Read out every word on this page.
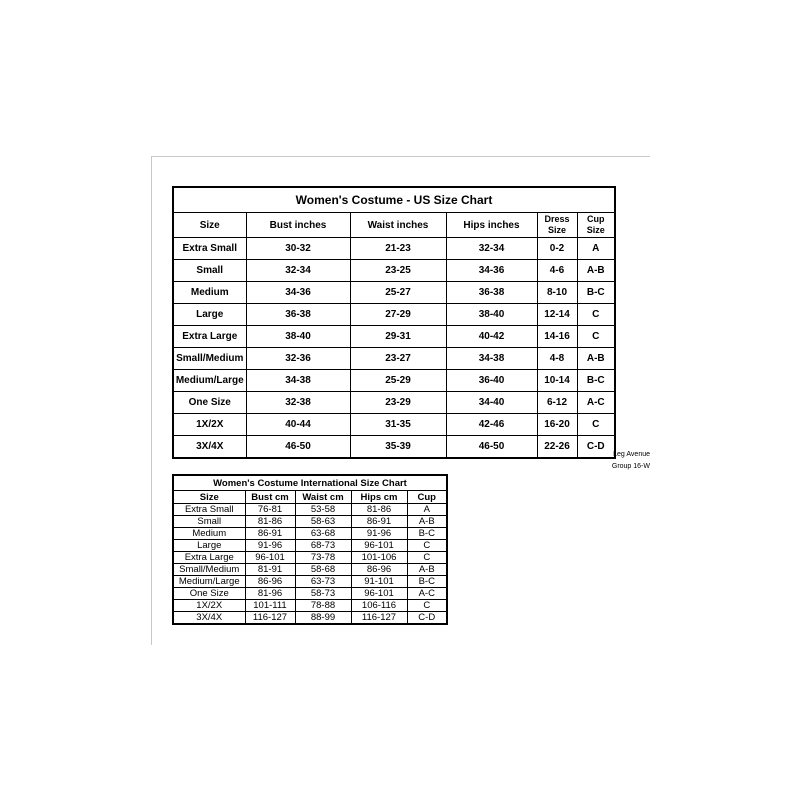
Women's Costume - US Size Chart					
Size	Bust inches	Waist inches	Hips inches	Dress Size	Cup Size
Extra Small	30-32	21-23	32-34	0-2	A
Small	32-34	23-25	34-36	4-6	A-B
Medium	34-36	25-27	36-38	8-10	B-C
Large	36-38	27-29	38-40	12-14	C
Extra Large	38-40	29-31	40-42	14-16	C
Small/Medium	32-36	23-27	34-38	4-8	A-B
Medium/Large	34-38	25-29	36-40	10-14	B-C
One Size	32-38	23-29	34-40	6-12	A-C
1X/2X	40-44	31-35	42-46	16-20	C
3X/4X	46-50	35-39	46-50	22-26	C-D
Leg Avenue
Group 16-W
Women's Costume International Size Chart				
Size	Bust cm	Waist cm	Hips cm	Cup
Extra Small	76-81	53-58	81-86	A
Small	81-86	58-63	86-91	A-B
Medium	86-91	63-68	91-96	B-C
Large	91-96	68-73	96-101	C
Extra Large	96-101	73-78	101-106	C
Small/Medium	81-91	58-68	86-96	A-B
Medium/Large	86-96	63-73	91-101	B-C
One Size	81-96	58-73	96-101	A-C
1X/2X	101-111	78-88	106-116	C
3X/4X	116-127	88-99	116-127	C-D
